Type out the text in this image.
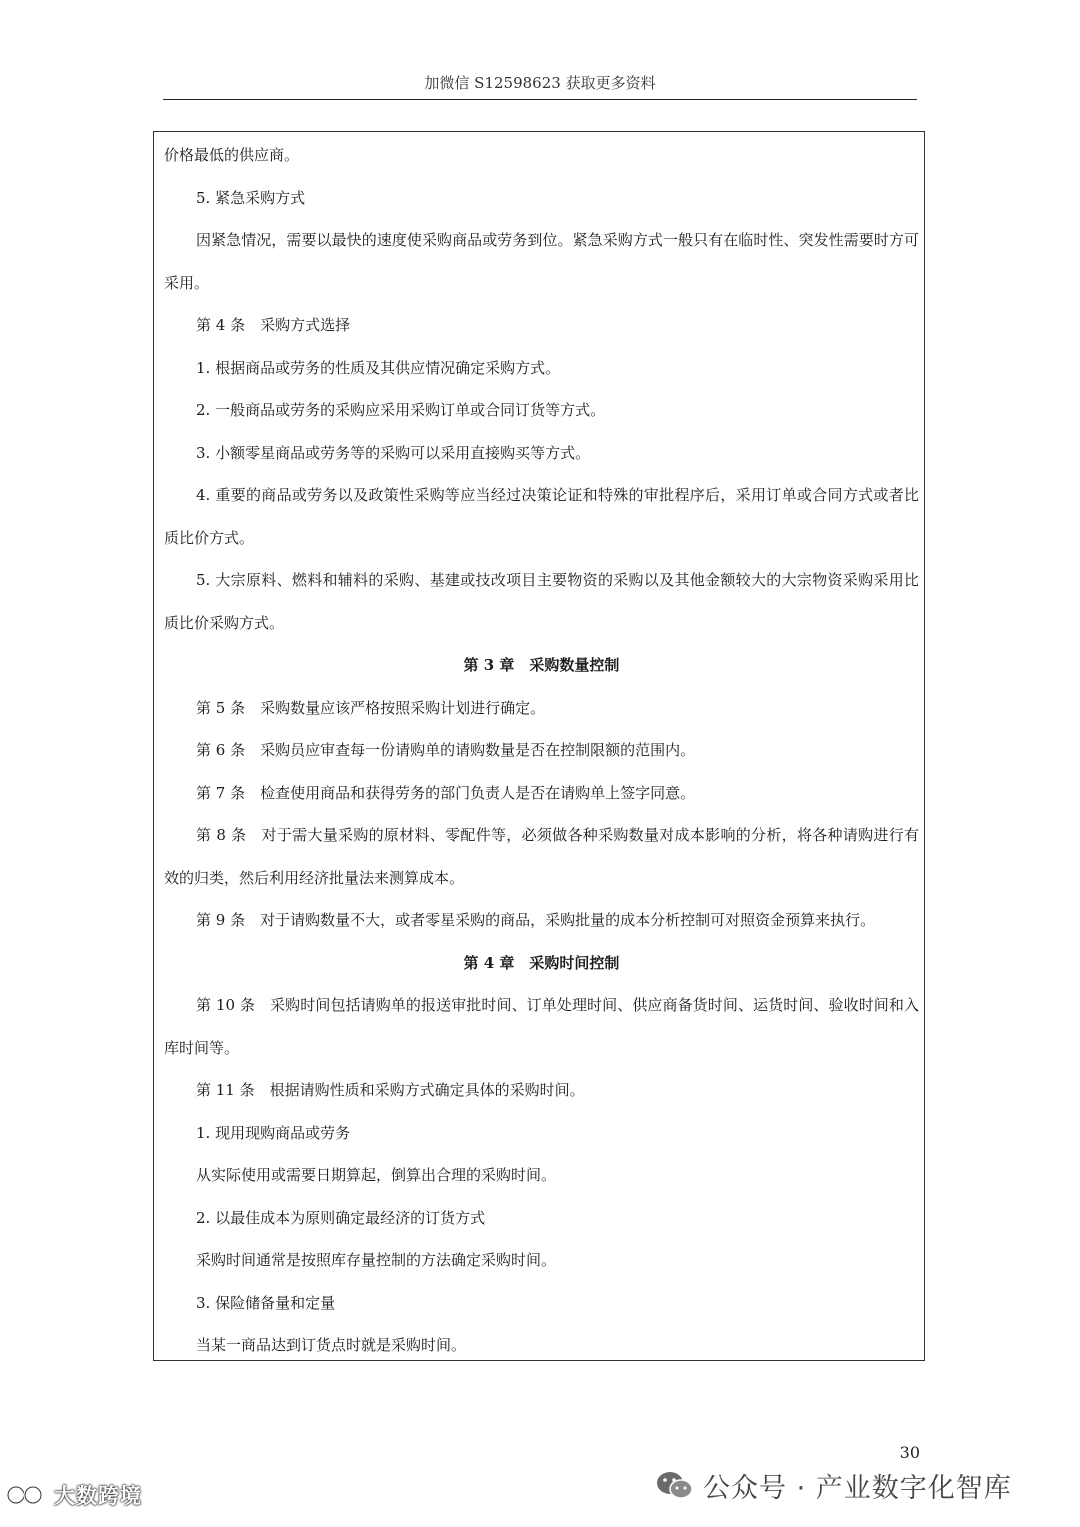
加微信 S12598623 获取更多资料

价格最低的供应商。

5. 紧急采购方式

因紧急情况，需要以最快的速度使采购商品或劳务到位。紧急采购方式一般只有在临时性、突发性需要时方可采用。

第 4 条　采购方式选择

1. 根据商品或劳务的性质及其供应情况确定采购方式。

2. 一般商品或劳务的采购应采用采购订单或合同订货等方式。

3. 小额零星商品或劳务等的采购可以采用直接购买等方式。

4. 重要的商品或劳务以及政策性采购等应当经过决策论证和特殊的审批程序后，采用订单或合同方式或者比质比价方式。

5. 大宗原料、燃料和辅料的采购、基建或技改项目主要物资的采购以及其他金额较大的大宗物资采购采用比质比价采购方式。

第 3 章　采购数量控制

第 5 条　采购数量应该严格按照采购计划进行确定。

第 6 条　采购员应审查每一份请购单的请购数量是否在控制限额的范围内。

第 7 条　检查使用商品和获得劳务的部门负责人是否在请购单上签字同意。

第 8 条　对于需大量采购的原材料、零配件等，必须做各种采购数量对成本影响的分析，将各种请购进行有效的归类，然后利用经济批量法来测算成本。

第 9 条　对于请购数量不大，或者零星采购的商品，采购批量的成本分析控制可对照资金预算来执行。

第 4 章　采购时间控制

第 10 条　采购时间包括请购单的报送审批时间、订单处理时间、供应商备货时间、运货时间、验收时间和入库时间等。

第 11 条　根据请购性质和采购方式确定具体的采购时间。

1. 现用现购商品或劳务

从实际使用或需要日期算起，倒算出合理的采购时间。

2. 以最佳成本为原则确定最经济的订货方式

采购时间通常是按照库存量控制的方法确定采购时间。

3. 保险储备量和定量

当某一商品达到订货点时就是采购时间。

30
公众号 · 产业数字化智库
大数跨境
